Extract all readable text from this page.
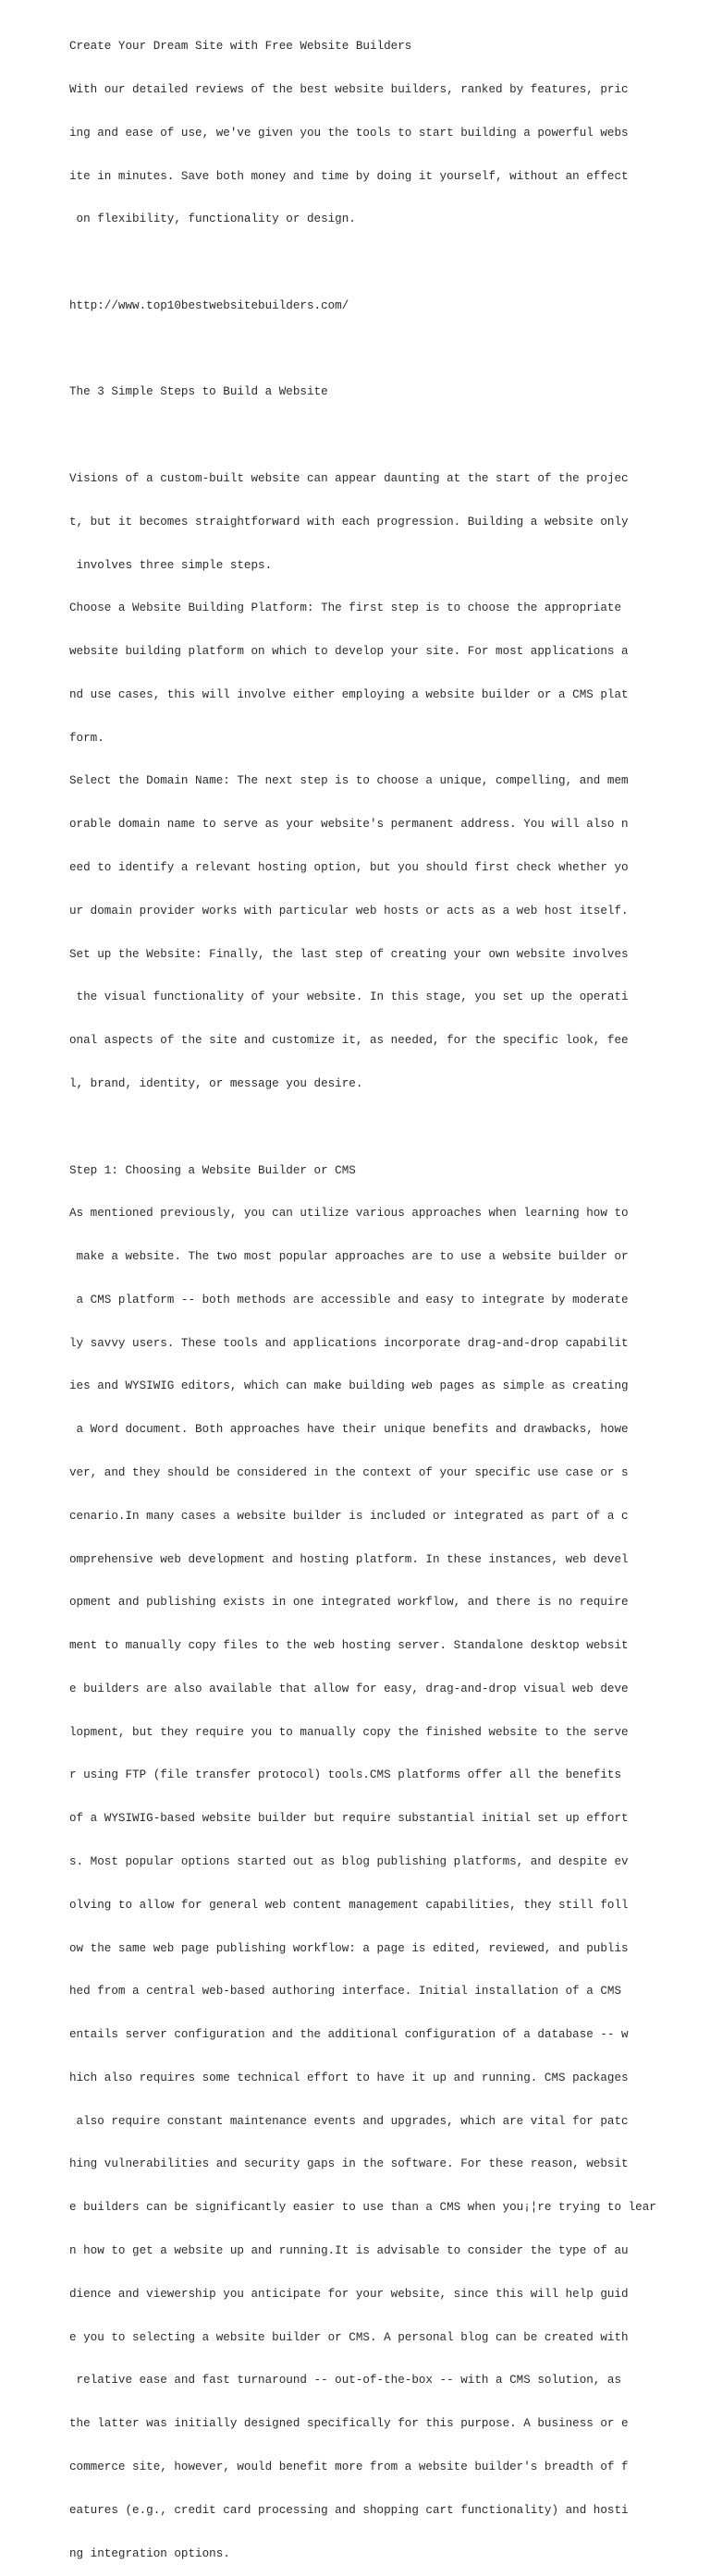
Create Your Dream Site with Free Website Builders

With our detailed reviews of the best website builders, ranked by features, pric

ing and ease of use, we've given you the tools to start building a powerful webs

ite in minutes. Save both money and time by doing it yourself, without an effect

on flexibility, functionality or design.

http://www.top10bestwebsitebuilders.com/

The 3 Simple Steps to Build a Website

Visions of a custom-built website can appear daunting at the start of the projec

t, but it becomes straightforward with each progression. Building a website only

involves three simple steps.

Choose a Website Building Platform: The first step is to choose the appropriate

website building platform on which to develop your site. For most applications a

nd use cases, this will involve either employing a website builder or a CMS plat

form.

Select the Domain Name: The next step is to choose a unique, compelling, and mem

orable domain name to serve as your website's permanent address. You will also n

eed to identify a relevant hosting option, but you should first check whether yo

ur domain provider works with particular web hosts or acts as a web host itself.

Set up the Website: Finally, the last step of creating your own website involves

the visual functionality of your website. In this stage, you set up the operati

onal aspects of the site and customize it, as needed, for the specific look, fee

l, brand, identity, or message you desire.

Step 1: Choosing a Website Builder or CMS

As mentioned previously, you can utilize various approaches when learning how to

make a website. The two most popular approaches are to use a website builder or

a CMS platform -- both methods are accessible and easy to integrate by moderate

ly savvy users. These tools and applications incorporate drag-and-drop capabilit

ies and WYSIWIG editors, which can make building web pages as simple as creating

a Word document. Both approaches have their unique benefits and drawbacks, howe

ver, and they should be considered in the context of your specific use case or s

cenario.In many cases a website builder is included or integrated as part of a c

omprehensive web development and hosting platform. In these instances, web devel

opment and publishing exists in one integrated workflow, and there is no require

ment to manually copy files to the web hosting server. Standalone desktop websit

e builders are also available that allow for easy, drag-and-drop visual web deve

lopment, but they require you to manually copy the finished website to the serve

r using FTP (file transfer protocol) tools.CMS platforms offer all the benefits

of a WYSIWIG-based website builder but require substantial initial set up effort

s. Most popular options started out as blog publishing platforms, and despite ev

olving to allow for general web content management capabilities, they still foll

ow the same web page publishing workflow: a page is edited, reviewed, and publis

hed from a central web-based authoring interface. Initial installation of a CMS

entails server configuration and the additional configuration of a database -- w

hich also requires some technical effort to have it up and running. CMS packages

also require constant maintenance events and upgrades, which are vital for patc

hing vulnerabilities and security gaps in the software. For these reason, websit

e builders can be significantly easier to use than a CMS when you¡¦re trying to lear

n how to get a website up and running.It is advisable to consider the type of au

dience and viewership you anticipate for your website, since this will help guid

e you to selecting a website builder or CMS. A personal blog can be created with

relative ease and fast turnaround -- out-of-the-box -- with a CMS solution, as

the latter was initially designed specifically for this purpose. A business or e

commerce site, however, would benefit more from a website builder's breadth of f

eatures (e.g., credit card processing and shopping cart functionality) and hosti

ng integration options.
